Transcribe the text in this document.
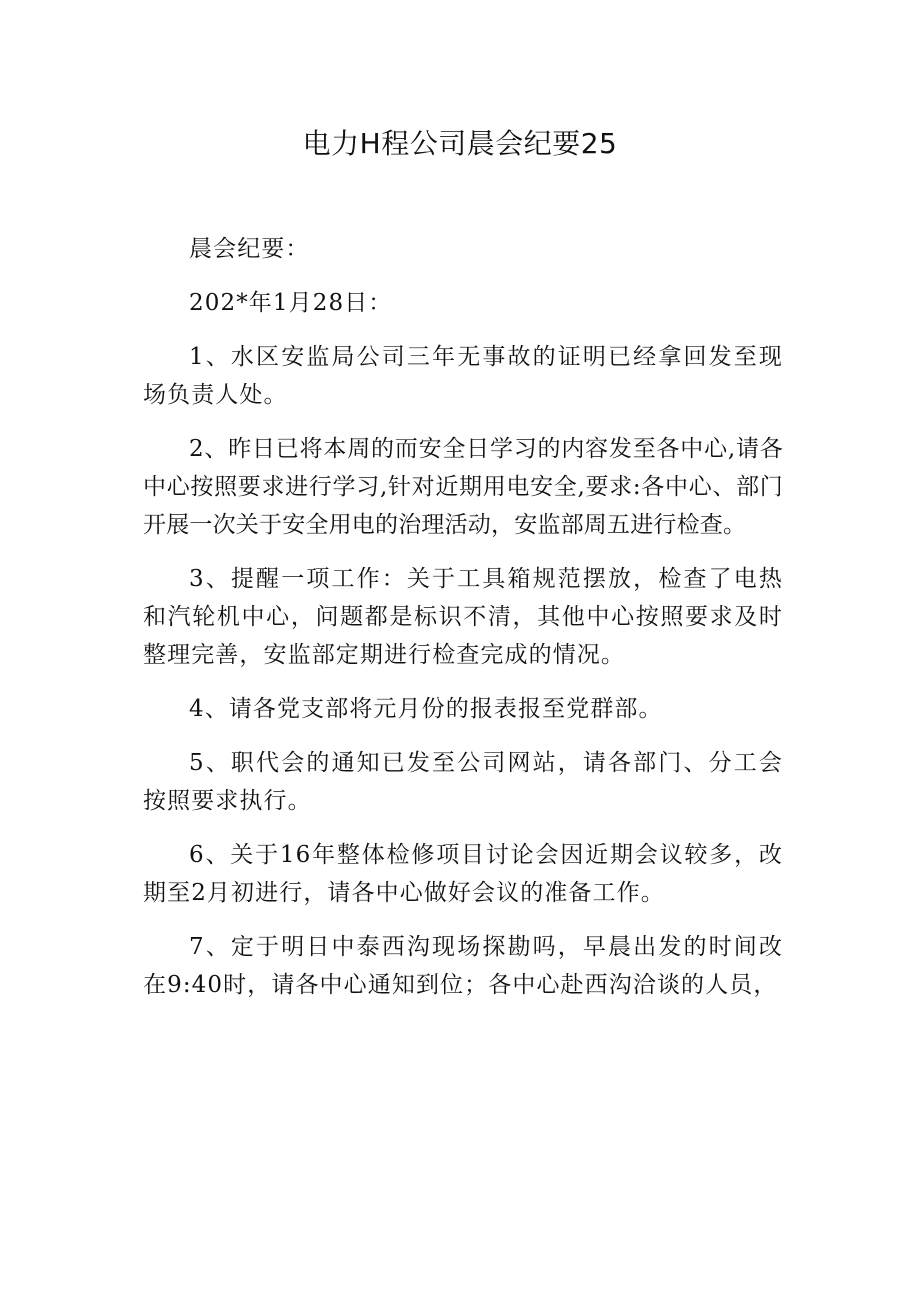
电力H程公司晨会纪要25

晨会纪要：

202*年1月28日：

1、水区安监局公司三年无事故的证明已经拿回发至现场负责人处。

2、昨日已将本周的而安全日学习的内容发至各中心,请各中心按照要求进行学习,针对近期用电安全,要求:各中心、部门开展一次关于安全用电的治理活动，安监部周五进行检查。

3、提醒一项工作：关于工具箱规范摆放，检查了电热和汽轮机中心，问题都是标识不清，其他中心按照要求及时整理完善，安监部定期进行检查完成的情况。

4、请各党支部将元月份的报表报至党群部。

5、职代会的通知已发至公司网站，请各部门、分工会按照要求执行。

6、关于16年整体检修项目讨论会因近期会议较多，改期至2月初进行，请各中心做好会议的准备工作。

7、定于明日中泰西沟现场探勘吗，早晨出发的时间改在9:40时，请各中心通知到位；各中心赴西沟洽谈的人员，
